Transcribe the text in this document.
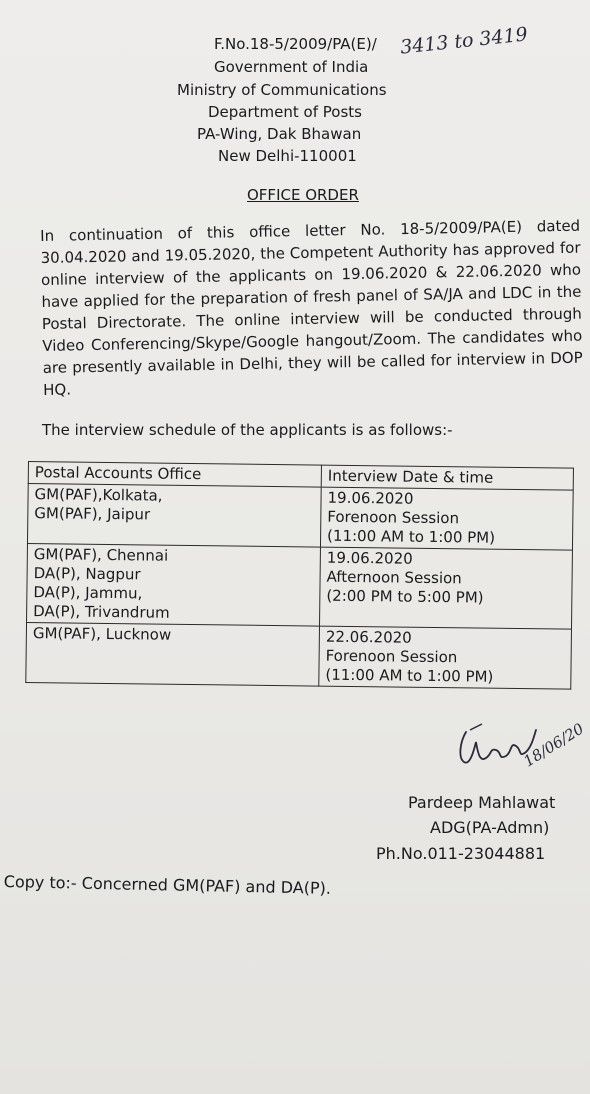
F.No.18-5/2009/PA(E)/ 3413 to 3419
Government of India
Ministry of Communications
Department of Posts
PA-Wing, Dak Bhawan
New Delhi-110001
OFFICE ORDER
In continuation of this office letter No. 18-5/2009/PA(E) dated 30.04.2020 and 19.05.2020, the Competent Authority has approved for online interview of the applicants on 19.06.2020 & 22.06.2020 who have applied for the preparation of fresh panel of SA/JA and LDC in the Postal Directorate. The online interview will be conducted through Video Conferencing/Skype/Google hangout/Zoom. The candidates who are presently available in Delhi, they will be called for interview in DOP HQ.
The interview schedule of the applicants is as follows:-
Postal Accounts Office	Interview Date & time

GM(PAF),Kolkata,
GM(PAF), Jaipur	19.06.2020
Forenoon Session
(11:00 AM to 1:00 PM)

GM(PAF), Chennai
DA(P), Nagpur
DA(P), Jammu,
DA(P), Trivandrum	19.06.2020
Afternoon Session
(2:00 PM to 5:00 PM)

GM(PAF), Lucknow	22.06.2020
Forenoon Session
(11:00 AM to 1:00 PM)
18/06/20
Pardeep Mahlawat
ADG(PA-Admn)
Ph.No.011-23044881
Copy to:- Concerned GM(PAF) and DA(P).
